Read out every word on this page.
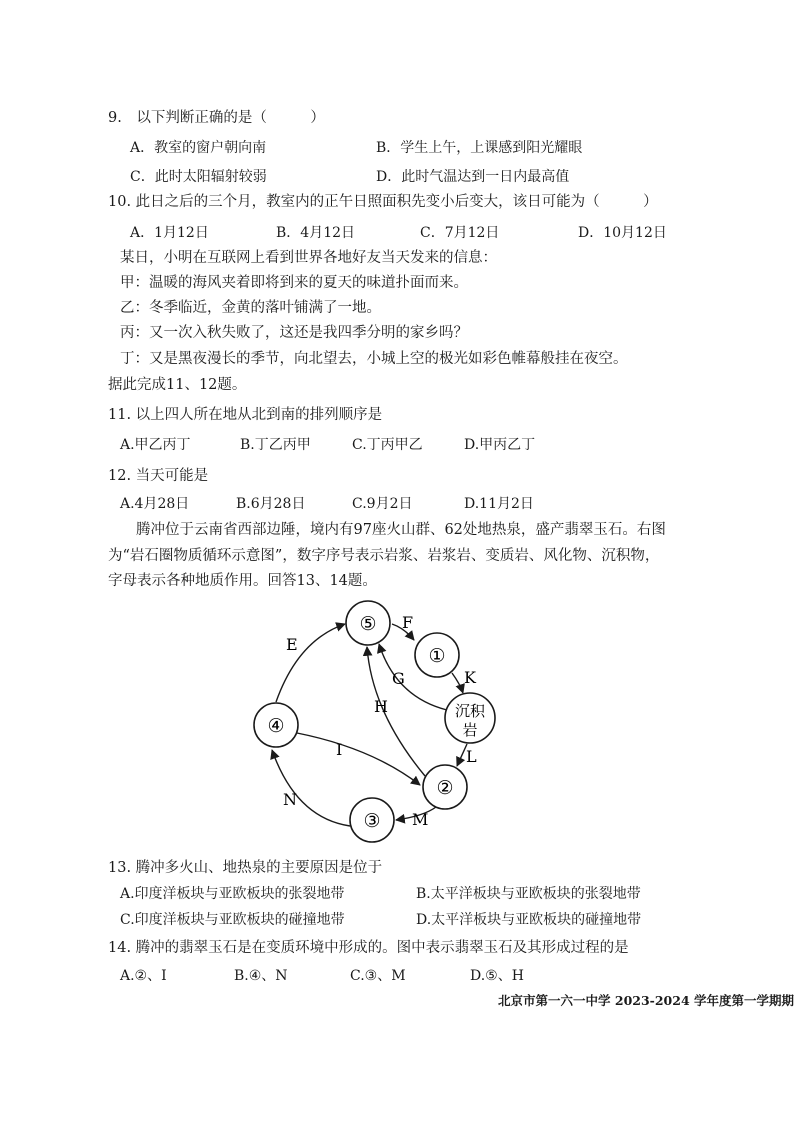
9.　以下判断正确的是（　　　）
A．教室的窗户朝向南	B．学生上午，上课感到阳光耀眼
C．此时太阳辐射较弱	D．此时气温达到一日内最高值
10. 此日之后的三个月，教室内的正午日照面积先变小后变大，该日可能为（　　　）
A．1月12日	B．4月12日	C．7月12日	D．10月12日
某日，小明在互联网上看到世界各地好友当天发来的信息：
甲：温暖的海风夹着即将到来的夏天的味道扑面而来。
乙：冬季临近，金黄的落叶铺满了一地。
丙：又一次入秋失败了，这还是我四季分明的家乡吗？
丁：又是黑夜漫长的季节，向北望去，小城上空的极光如彩色帷幕般挂在夜空。
据此完成11、12题。
11. 以上四人所在地从北到南的排列顺序是
A.甲乙丙丁	B.丁乙丙甲	C.丁丙甲乙	D.甲丙乙丁
12. 当天可能是
A.4月28日	B.6月28日	C.9月2日	D.11月2日
腾冲位于云南省西部边陲，境内有97座火山群、62处地热泉，盛产翡翠玉石。右图
为“岩石圈物质循环示意图”，数字序号表示岩浆、岩浆岩、变质岩、风化物、沉积物，
字母表示各种地质作用。回答13、14题。
⑤
①
沉积
岩
④
②
③
E
F
G
H
I
K
L
M
N
13. 腾冲多火山、地热泉的主要原因是位于
A.印度洋板块与亚欧板块的张裂地带	B.太平洋板块与亚欧板块的张裂地带
C.印度洋板块与亚欧板块的碰撞地带	D.太平洋板块与亚欧板块的碰撞地带
14. 腾冲的翡翠玉石是在变质环境中形成的。图中表示翡翠玉石及其形成过程的是
A.②、I	B.④、N	C.③、M	D.⑤、H
北京市第一六一中学 2023-2024 学年度第一学期期
